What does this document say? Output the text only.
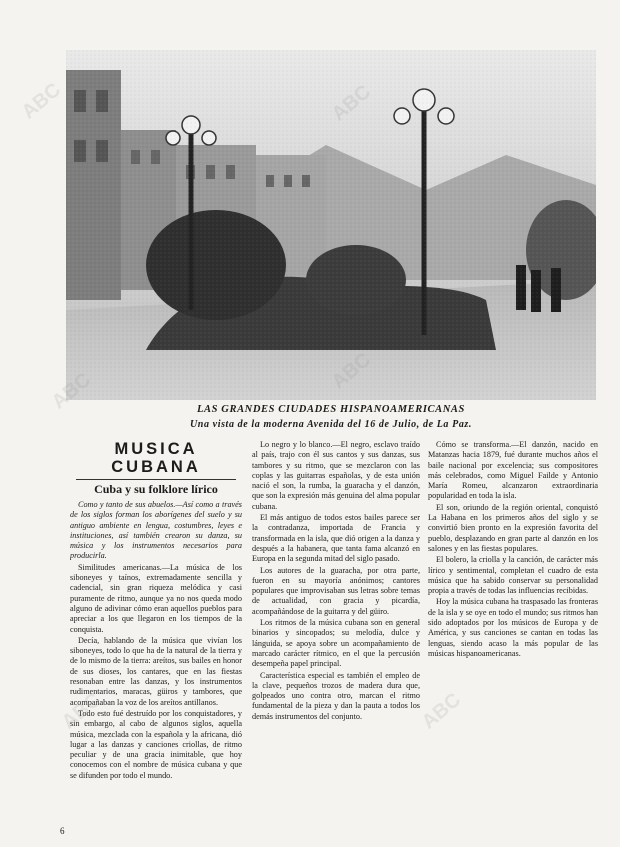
LAS GRANDES CIUDADES HISPANOAMERICANAS
Una vista de la moderna Avenida del 16 de Julio, de La Paz.
MUSICA CUBANA
Cuba y su folklore lírico

Como y tanto de sus abuelos.—Así como a través de los siglos forman los aborígenes del suelo y su antiguo ambiente en lengua, costumbres, leyes e instituciones, así también crearon su danza, su música y los instrumentos necesarios para producirla.

Similitudes americanas.—La música de los siboneyes y taínos, extremadamente sencilla y cadencial, sin gran riqueza melódica y casi puramente de ritmo, aunque ya no nos queda modo alguno de adivinar cómo eran aquellos pueblos para apreciar a los que llegaron en los tiempos de la conquista.

Decía, hablando de la música que vivían los siboneyes, todo lo que ha de la natural de la tierra y de lo mismo de la tierra: areítos, sus bailes en honor de sus dioses, los cantares, que en las fiestas resonaban entre las danzas, y los instrumentos rudimentarios, maracas, güiros y tambores, que acompañaban la voz de los areítos antillanos.

Todo esto fué destruído por los conquistadores, y sin embargo, al cabo de algunos siglos, aquella música, mezclada con la española y la africana, dió lugar a las danzas y canciones criollas, de ritmo peculiar y de una gracia inimitable, que hoy conocemos con el nombre de música cubana y que se difunden por todo el mundo.

Lo negro y lo blanco.—El negro, esclavo traído al país, trajo con él sus cantos y sus danzas, sus tambores y su ritmo, que se mezclaron con las coplas y las guitarras españolas, y de esta unión nació el son, la rumba, la guaracha y el danzón, que son la expresión más genuina del alma popular cubana.

El más antiguo de todos estos bailes parece ser la contradanza, importada de Francia y transformada en la isla, que dió origen a la danza y después a la habanera, que tanta fama alcanzó en Europa en la segunda mitad del siglo pasado.

Los autores de la guaracha, por otra parte, fueron en su mayoría anónimos; cantores populares que improvisaban sus letras sobre temas de actualidad, con gracia y picardía, acompañándose de la guitarra y del güiro.

Los ritmos de la música cubana son en general binarios y sincopados; su melodía, dulce y lánguida, se apoya sobre un acompañamiento de marcado carácter rítmico, en el que la percusión desempeña papel principal.

Característica especial es también el empleo de la clave, pequeños trozos de madera dura que, golpeados uno contra otro, marcan el ritmo fundamental de la pieza y dan la pauta a todos los demás instrumentos del conjunto.

Cómo se transforma.—El danzón, nacido en Matanzas hacia 1879, fué durante muchos años el baile nacional por excelencia; sus compositores más celebrados, como Miguel Failde y Antonio María Romeu, alcanzaron extraordinaria popularidad en toda la isla.

El son, oriundo de la región oriental, conquistó La Habana en los primeros años del siglo y se convirtió bien pronto en la expresión favorita del pueblo, desplazando en gran parte al danzón en los salones y en las fiestas populares.

El bolero, la criolla y la canción, de carácter más lírico y sentimental, completan el cuadro de esta música que ha sabido conservar su personalidad propia a través de todas las influencias recibidas.

Hoy la música cubana ha traspasado las fronteras de la isla y se oye en todo el mundo; sus ritmos han sido adoptados por los músicos de Europa y de América, y sus canciones se cantan en todas las lenguas, siendo acaso la más popular de las músicas hispanoamericanas.

ABC
ABC	ABC
6
